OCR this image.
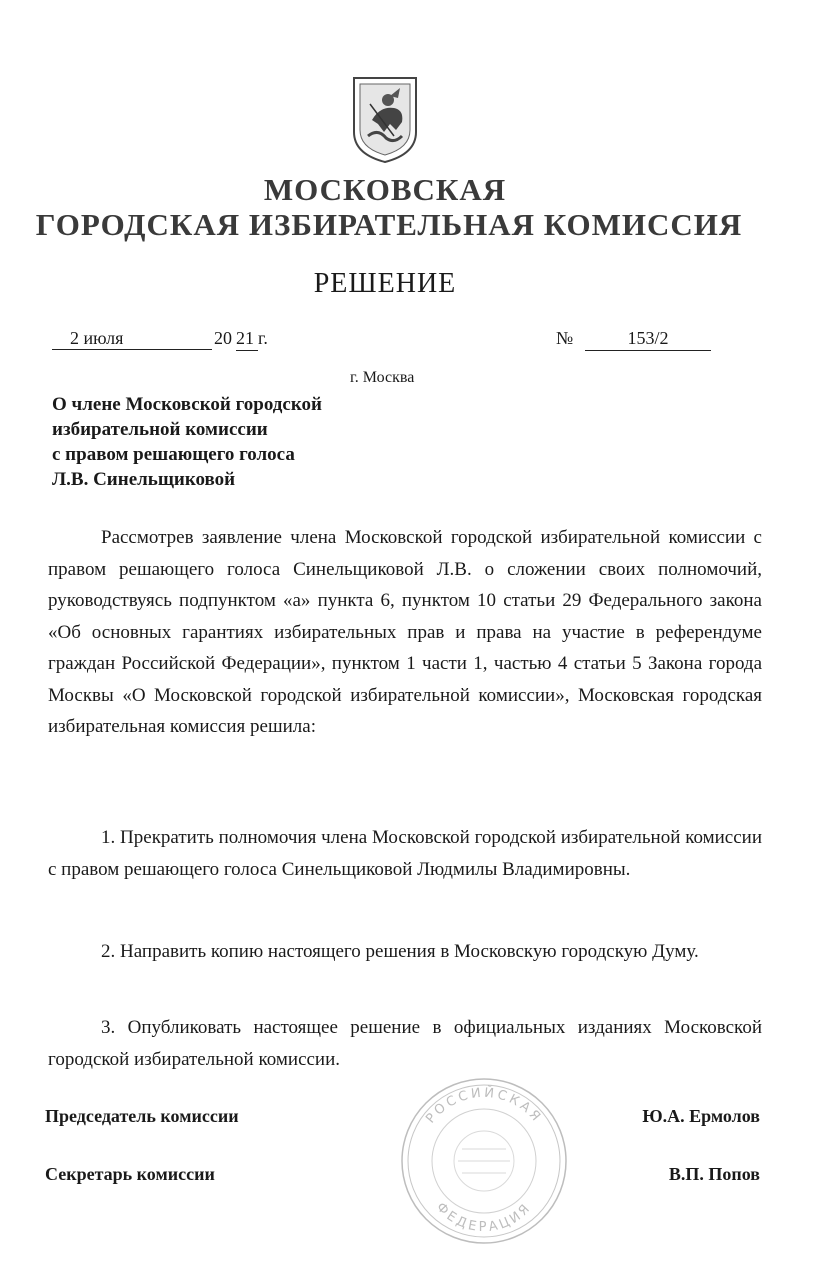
МОСКОВСКАЯ
ГОРОДСКАЯ ИЗБИРАТЕЛЬНАЯ КОМИССИЯ
РЕШЕНИЕ
2 июля	20 21 г.	№	153/2
г. Москва
О члене Московской городской
избирательной комиссии
с правом решающего голоса
Л.В. Синельщиковой

Рассмотрев заявление члена Московской городской избирательной комиссии с правом решающего голоса Синельщиковой Л.В. о сложении своих полномочий, руководствуясь подпунктом «а» пункта 6, пунктом 10 статьи 29 Федерального закона «Об основных гарантиях избирательных прав и права на участие в референдуме граждан Российской Федерации», пунктом 1 части 1, частью 4 статьи 5 Закона города Москвы «О Московской городской избирательной комиссии», Московская городская избирательная комиссия решила:

1. Прекратить полномочия члена Московской городской избирательной комиссии с правом решающего голоса Синельщиковой Людмилы Владимировны.

2. Направить копию настоящего решения в Московскую городскую Думу.

3. Опубликовать настоящее решение в официальных изданиях Московской городской избирательной комиссии.

Председатель комиссии	Ю.А. Ермолов
Секретарь комиссии	В.П. Попов
РОССИЙСКАЯ
ФЕДЕРАЦИЯ
